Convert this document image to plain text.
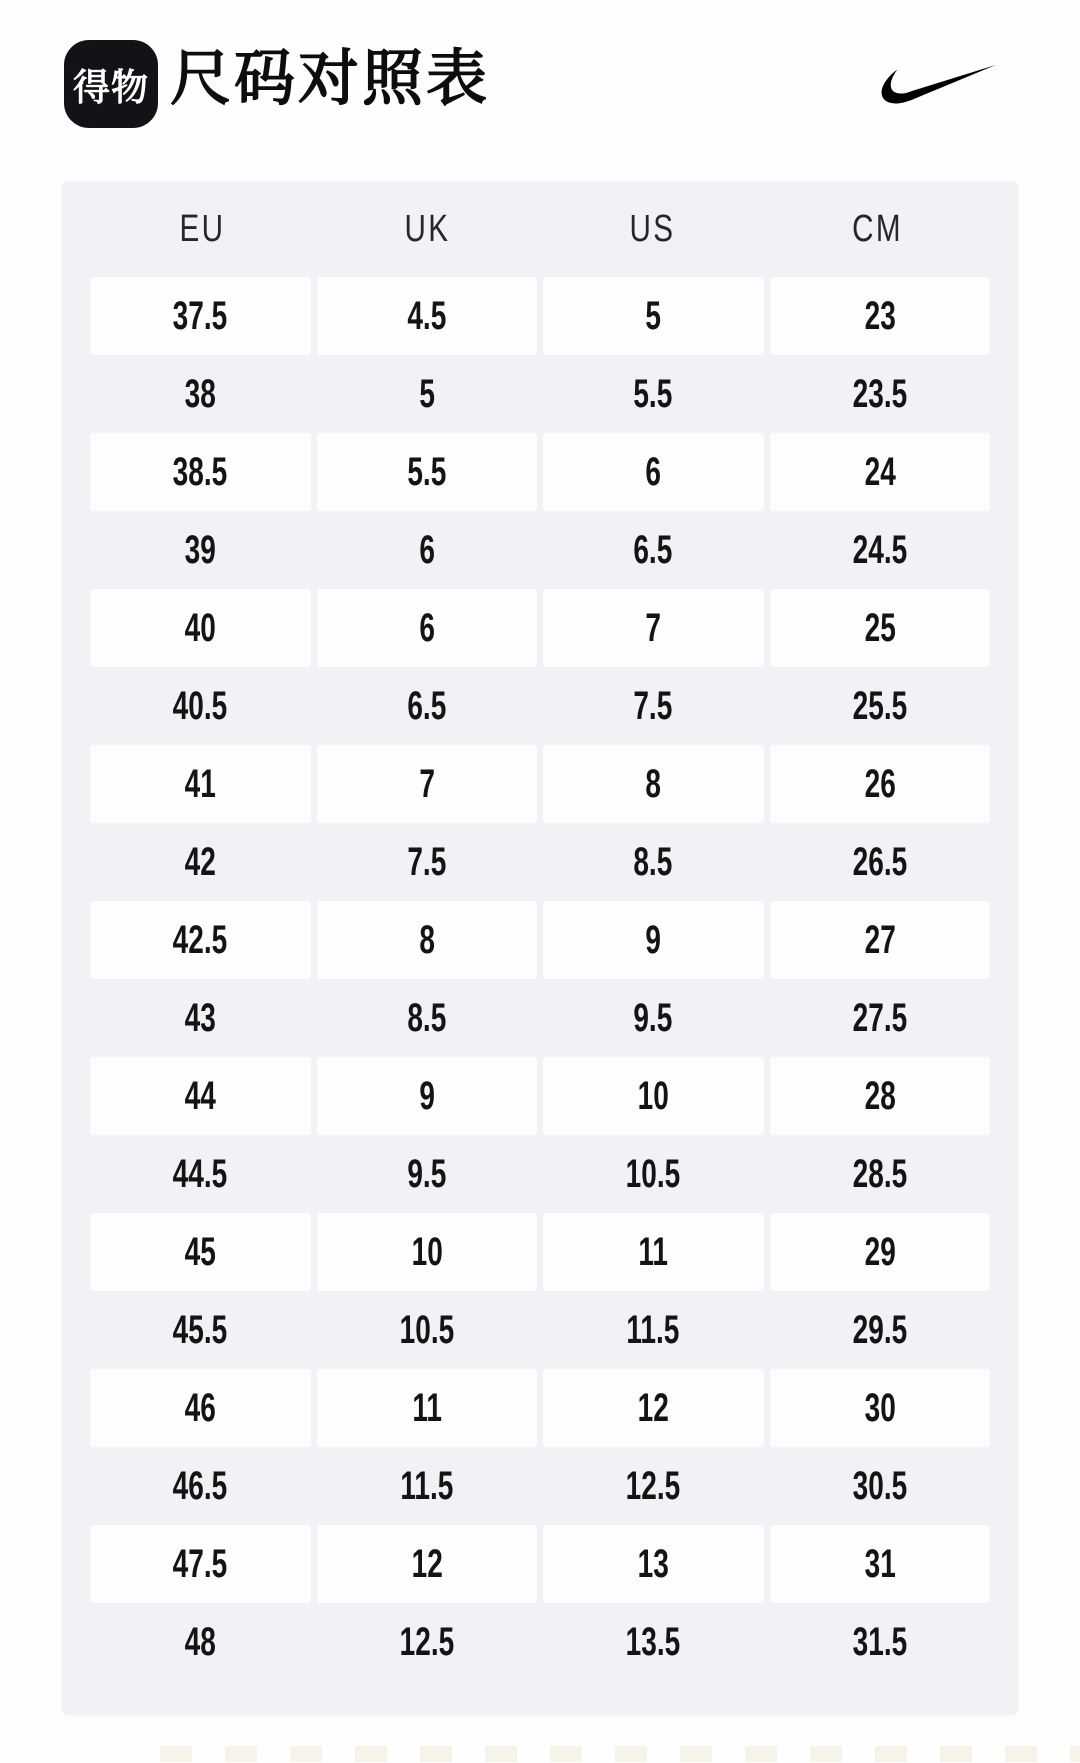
得物 尺码对照表
EU	UK	US	CM
37.5	4.5	5	23
38	5	5.5	23.5
38.5	5.5	6	24
39	6	6.5	24.5
40	6	7	25
40.5	6.5	7.5	25.5
41	7	8	26
42	7.5	8.5	26.5
42.5	8	9	27
43	8.5	9.5	27.5
44	9	10	28
44.5	9.5	10.5	28.5
45	10	11	29
45.5	10.5	11.5	29.5
46	11	12	30
46.5	11.5	12.5	30.5
47.5	12	13	31
48	12.5	13.5	31.5
